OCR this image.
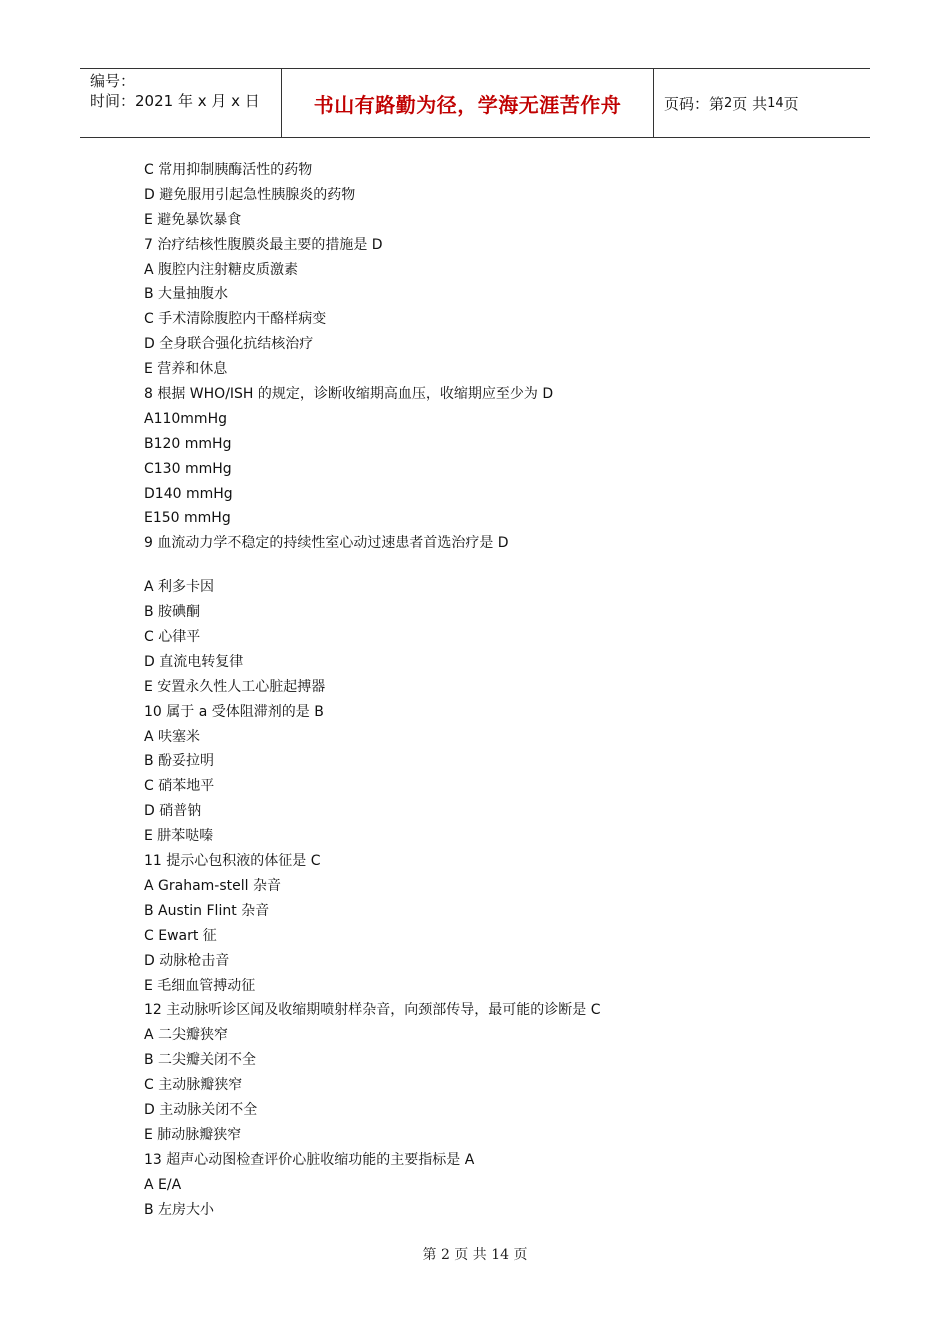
编号：
时间：2021 年 x 月 x 日	书山有路勤为径，学海无涯苦作舟	页码：第 2 页 共 14 页
C 常用抑制胰酶活性的药物
D 避免服用引起急性胰腺炎的药物
E 避免暴饮暴食
7 治疗结核性腹膜炎最主要的措施是 D
A 腹腔内注射糖皮质激素
B 大量抽腹水
C 手术清除腹腔内干酪样病变
D 全身联合强化抗结核治疗
E 营养和休息
8 根据 WHO/ISH 的规定，诊断收缩期高血压，收缩期应至少为 D
A110mmHg
B120 mmHg
C130 mmHg
D140 mmHg
E150 mmHg
9 血流动力学不稳定的持续性室心动过速患者首选治疗是 D
A 利多卡因
B 胺碘酮
C 心律平
D 直流电转复律
E 安置永久性人工心脏起搏器
10 属于 a 受体阻滞剂的是 B
A 呋塞米
B 酚妥拉明
C 硝苯地平
D 硝普钠
E 肼苯哒嗪
11 提示心包积液的体征是 C
A Graham-stell 杂音
B Austin Flint 杂音
C Ewart 征
D 动脉枪击音
E 毛细血管搏动征
12 主动脉听诊区闻及收缩期喷射样杂音，向颈部传导，最可能的诊断是 C
A 二尖瓣狭窄
B 二尖瓣关闭不全
C 主动脉瓣狭窄
D 主动脉关闭不全
E 肺动脉瓣狭窄
13 超声心动图检查评价心脏收缩功能的主要指标是 A
A E/A
B 左房大小
第 2 页 共 14 页
